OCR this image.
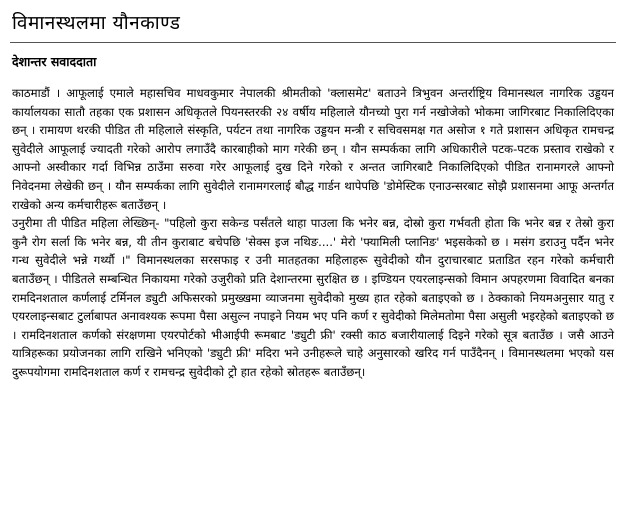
विमानस्थलमा यौनकाण्ड
देशान्तर सवाददाता

काठमाडौं । आफूलाई एमाले महासचिव माधवकुमार नेपालकी श्रीमतीको 'क्लासमेट' बताउने त्रिभुवन अन्तर्राष्ट्रिय विमानस्थल नागरिक उड्डयन कार्यालयका सातौ तहका एक प्रशासन अधिकृतले पियनस्तरकी २४ वर्षीय महिलाले यौनच्यो पुरा गर्न नखोजेको भोकमा जागिरबाट निकालिदिएका छन् । रामायण थरकी पीडित ती महिलाले संस्कृति, पर्यटन तथा नागरिक उड्डयन मन्त्री र सचिवसमक्ष गत असोज १ गते प्रशासन अधिकृत रामचन्द्र सुवेदीले आफूलाई ज्यादती गरेको आरोप लगाउँदै कारबाहीको माग गरेकी छन् । यौन सम्पर्कका लागि अधिकारीले पटक-पटक प्रस्ताव राखेको र आफ्नो अस्वीकार गर्दा विभिन्न ठाउँमा सरुवा गरेर आफूलाई दुख दिने गरेको र अन्तत जागिरबाटै निकालिदिएको पीडित रानामगरले आफ्नो निवेदनमा लेखेकी छन् । यौन सम्पर्कका लागि सुवेदीले रानामगरलाई बौद्ध गार्डन थापेपछि 'डोमेस्टिक एनाउन्सरबाट सोझै प्रशासनमा आफू अन्तर्गत राखेको अन्य कर्मचारीहरू बताउँछन् ।

उनुरीमा ती पीडित महिला लेख्छिन्- "पहिलो कुरा सकेन्ड पर्संतले थाहा पाउला कि भनेर बन्न, दोस्रो कुरा गर्भवती होता कि भनेर बन्न र तेस्रो कुरा कुनै रोग सर्ला कि भनेर बन्न, यी तीन कुराबाट बचेपछि 'सेक्स इज नथिङ....' मेरो 'फ्यामिली प्लानिङ' भइसकेको छ । मसंग डराउनु पर्दैन भनेर गन्ध सुवेदीले भन्ने गर्थ्यौ ।" विमानस्थलका सरसफाइ र उनी मातहतका महिलाहरू सुवेदीको यौन दुराचारबाट प्रताडित रहन गरेको कर्मचारी बताउँछन् । पीडितले सम्बन्धित निकायमा गरेको उजुरीको प्रति देशान्तरमा सुरक्षित छ । इण्डियन एयरलाइन्सको विमान अपहरणमा विवादित बनका रामदिनशताल कर्णलाई टर्मिनल ड्युटी अफिसरको प्रमुख्खमा व्याजनमा सुवेदीको मुख्य हात रहेको बताइएको छ । ठेक्काको नियमअनुसार यातु र एयरलाइन्सबाट टुर्लाबापत अनावश्यक रूपमा पैसा असुल्न नपाइने नियम भए पनि कर्ण र सुवेदीको मिलेमतोमा पैसा असुली भइरहेको बताइएको छ । रामदिनशताल कर्णको संरक्षणमा एयरपोर्टको भीआईपी रूमबाट 'ड्युटी फ्री' रक्सी काठ बजारीयालाई दिइने गरेको सूत्र बताउँछ । जसै आउने यात्रिहरूका प्रयोजनका लागि राखिने भनिएको 'ड्युटी फ्री' मदिरा भने उनीहरूले चाहे अनुसारको खरिद गर्न पाउँदैनन् । विमानस्थलमा भएको यस दुरूपयोगमा रामदिनशताल कर्ण र रामचन्द्र सुवेदीको ट्राेे हात रहेको स्रोतहरू बताउँछन्।
